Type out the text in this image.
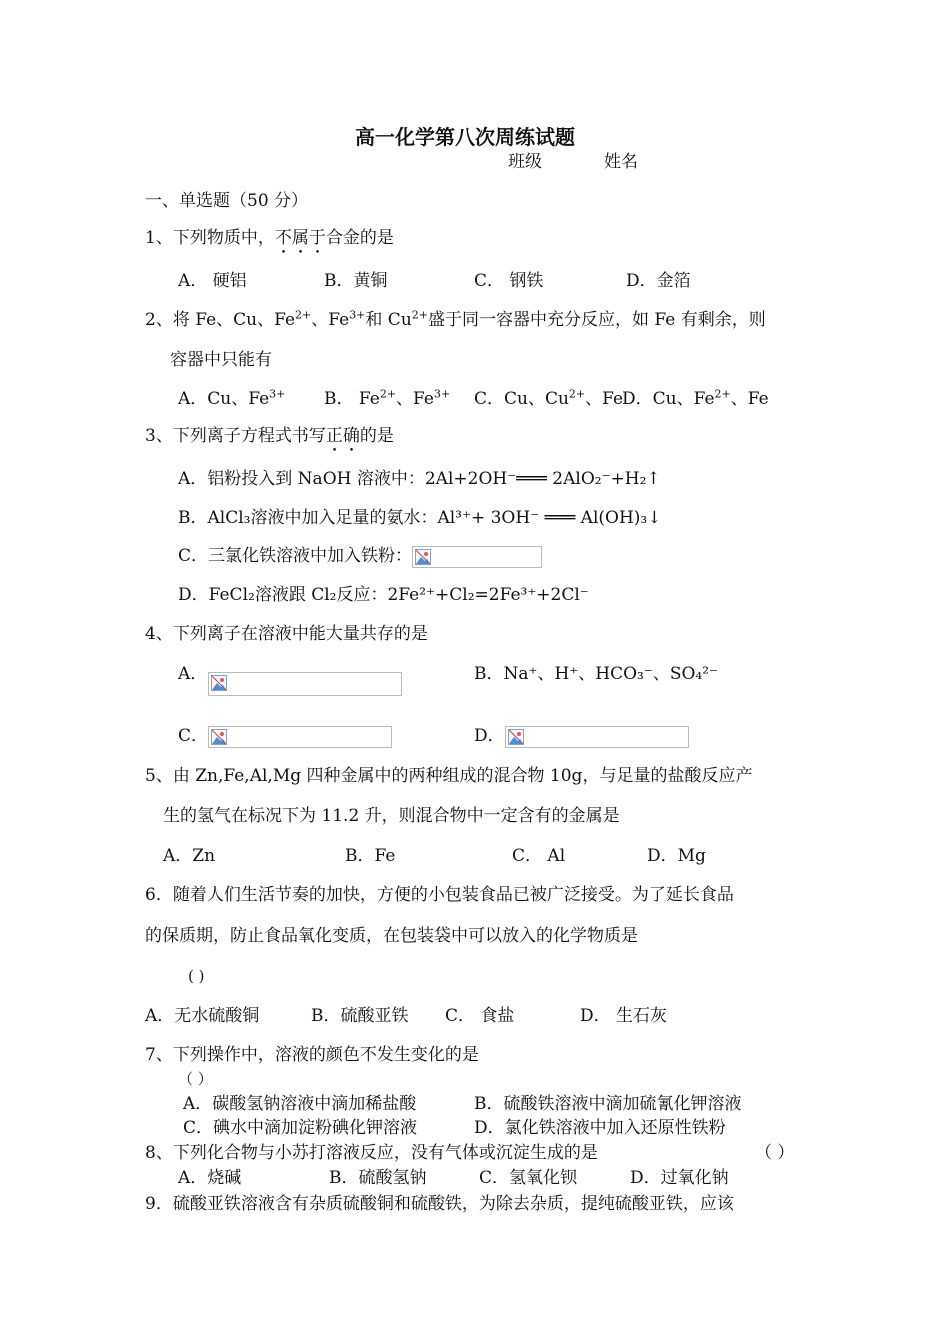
高一化学第八次周练试题
班级	姓名
一、单选题（50 分）
1、下列物质中，不属于合金的是
A． 硬铝	B．黄铜	C． 钢铁	D．金箔
2、将 Fe、Cu、$Fe^{2+}$、$Fe^{3+}$和 $Cu^{2+}$盛于同一容器中充分反应，如 Fe 有剩余，则
容器中只能有
A．Cu、$Fe^{3+}$ B． $Fe^{2+}$、$Fe^{3+}$ C．Cu、$Cu^{2+}$、Fe
D．Cu、$Fe^{2+}$、Fe
3、下列离子方程式书写正确的是
A．铝粉投入到 NaOH 溶液中：2Al+2OH⁻═══ 2AlO₂⁻+H₂↑
B．AlCl₃溶液中加入足量的氨水：Al³⁺+ 3OH⁻ ═══ Al(OH)₃↓
C．三氯化铁溶液中加入铁粉：
D．FeCl₂溶液跟 Cl₂反应：2Fe²⁺+Cl₂=2Fe³⁺+2Cl⁻
4、下列离子在溶液中能大量共存的是
A．	B．Na⁺、H⁺、HCO₃⁻、SO₄²⁻
C．	D．
5、由 Zn,Fe,Al,Mg 四种金属中的两种组成的混合物 10g，与足量的盐酸反应产
生的氢气在标况下为 11.2 升，则混合物中一定含有的金属是
A．Zn	B．Fe	C． Al	D．Mg
6．随着人们生活节奏的加快，方便的小包装食品已被广泛接受。为了延长食品
的保质期，防止食品氧化变质，在包装袋中可以放入的化学物质是
( )
A．无水硫酸铜	B．硫酸亚铁 C． 食盐	D． 生石灰
7、下列操作中，溶液的颜色不发生变化的是
（ ）
A．碳酸氢钠溶液中滴加稀盐酸	B．硫酸铁溶液中滴加硫氰化钾溶液
C．碘水中滴加淀粉碘化钾溶液	D．氯化铁溶液中加入还原性铁粉
8、下列化合物与小苏打溶液反应，没有气体或沉淀生成的是	（ ）
A．烧碱	B．硫酸氢钠	C．氢氧化钡	D．过氧化钠
9．硫酸亚铁溶液含有杂质硫酸铜和硫酸铁，为除去杂质，提纯硫酸亚铁，应该
